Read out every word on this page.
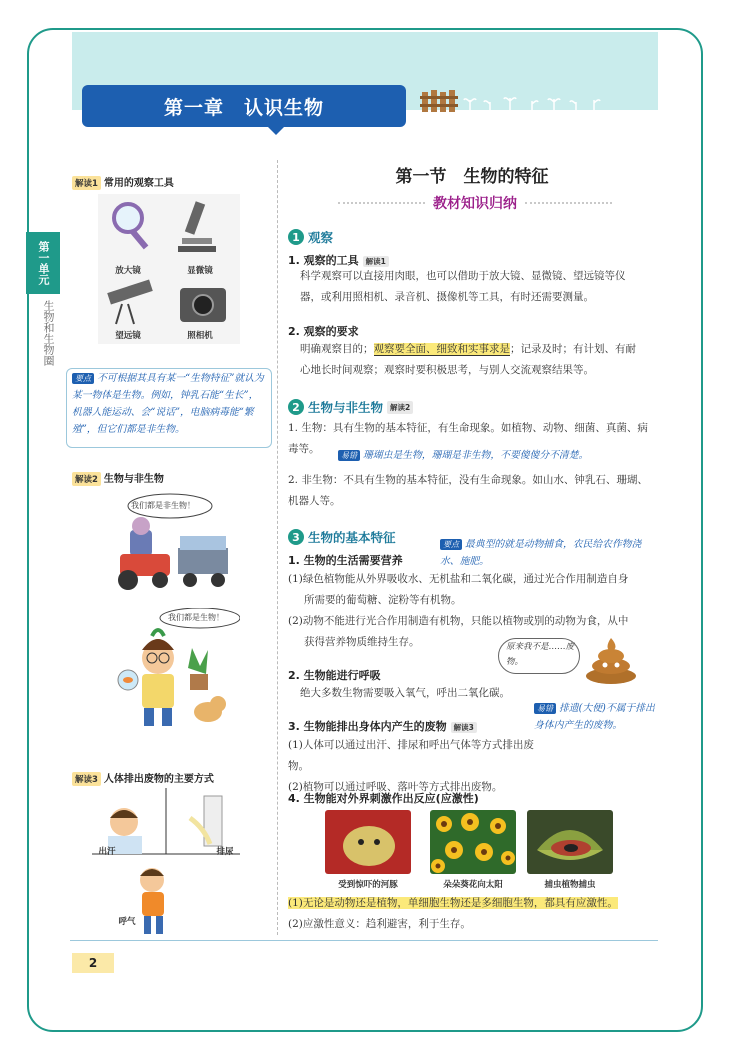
第一章　认识生物
第一单元
生物和生物圈
解读1 常用的观察工具
放大镜	显微镜
望远镜	照相机
要点 不可根据其具有某一“生物特征”就认为某一物体是生物。例如，钟乳石能“生长”，机器人能运动、会“说话”，电脑病毒能“繁殖”，但它们都是非生物。
解读2 生物与非生物
我们都是非生物！
我们都是生物！
解读3 人体排出废物的主要方式
出汗	排尿
呼气
第一节　生物的特征
教材知识归纳
1 观察
1. 观察的工具 解读1
科学观察可以直接用肉眼，也可以借助于放大镜、显微镜、望远镜等仪
器，或利用照相机、录音机、摄像机等工具，有时还需要测量。
2. 观察的要求
明确观察目的；观察要全面、细致和实事求是；记录及时；有计划、有耐
心地长时间观察；观察时要积极思考，与别人交流观察结果等。
2 生物与非生物 解读2
1. 生物：具有生物的基本特征，有生命现象。如植物、动物、细菌、真菌、病
毒等。
易错 珊瑚虫是生物，珊瑚是非生物，不要傻傻分不清楚。
2. 非生物：不具有生物的基本特征，没有生命现象。如山水、钟乳石、珊瑚、
机器人等。
3 生物的基本特征
1. 生物的生活需要营养
要点 最典型的就是动物捕食，农民给农作物浇水、施肥。
(1)绿色植物能从外界吸收水、无机盐和二氧化碳，通过光合作用制造自身
所需要的葡萄糖、淀粉等有机物。
(2)动物不能进行光合作用制造有机物，只能以植物或别的动物为食，从中
获得营养物质维持生存。	原来我不是……废物。
2. 生物能进行呼吸
绝大多数生物需要吸入氧气，呼出二氧化碳。
3. 生物能排出身体内产生的废物 解读3
易错 排遗(大便)不属于排出身体内产生的废物。
(1)人体可以通过出汗、排尿和呼出气体等方式排出废物。
(2)植物可以通过呼吸、落叶等方式排出废物。
4. 生物能对外界刺激作出反应(应激性)
受到惊吓的河豚	朵朵葵花向太阳	捕虫植物捕虫
(1)无论是动物还是植物，单细胞生物还是多细胞生物，都具有应激性。
(2)应激性意义：趋利避害，利于生存。
2
